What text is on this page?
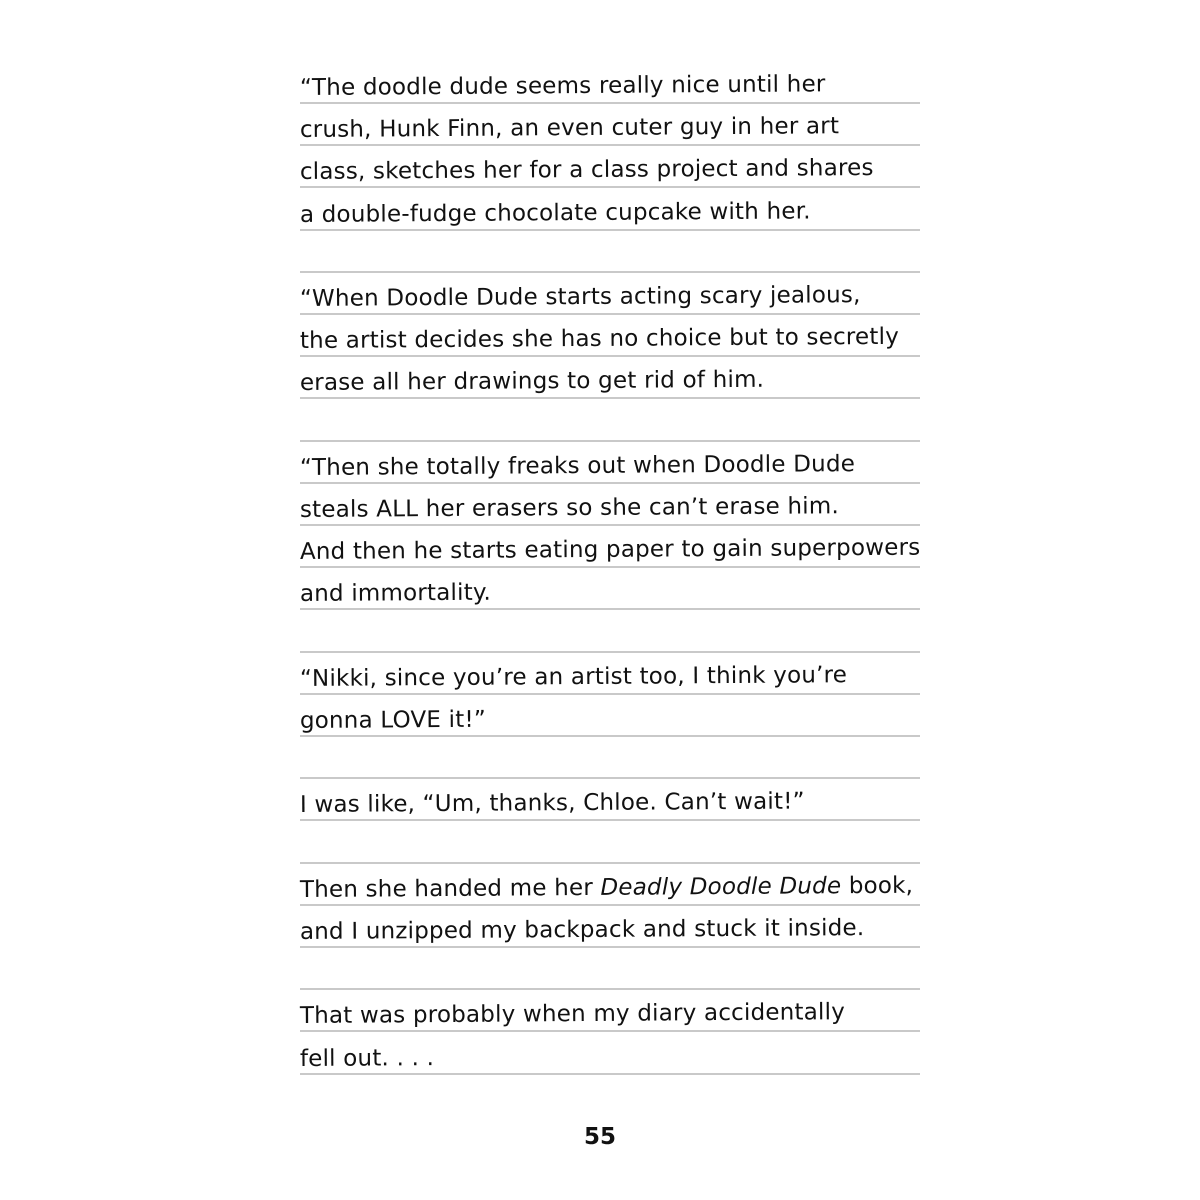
55
“The doodle dude seems really nice until her
crush, Hunk Finn, an even cuter guy in her art
class, sketches her for a class project and shares
a double-fudge chocolate cupcake with her.
“When Doodle Dude starts acting scary jealous,
the artist decides she has no choice but to secretly
erase all her drawings to get rid of him.
“Then she totally freaks out when Doodle Dude
steals ALL her erasers so she can’t erase him.
And then he starts eating paper to gain superpowers
and immortality.
“Nikki, since you’re an artist too, I think you’re
gonna LOVE it!”
I was like, “Um, thanks, Chloe. Can’t wait!”
Then she handed me her Deadly Doodle Dude book,
and I unzipped my backpack and stuck it inside.
That was probably when my diary accidentally
fell out. . . .
